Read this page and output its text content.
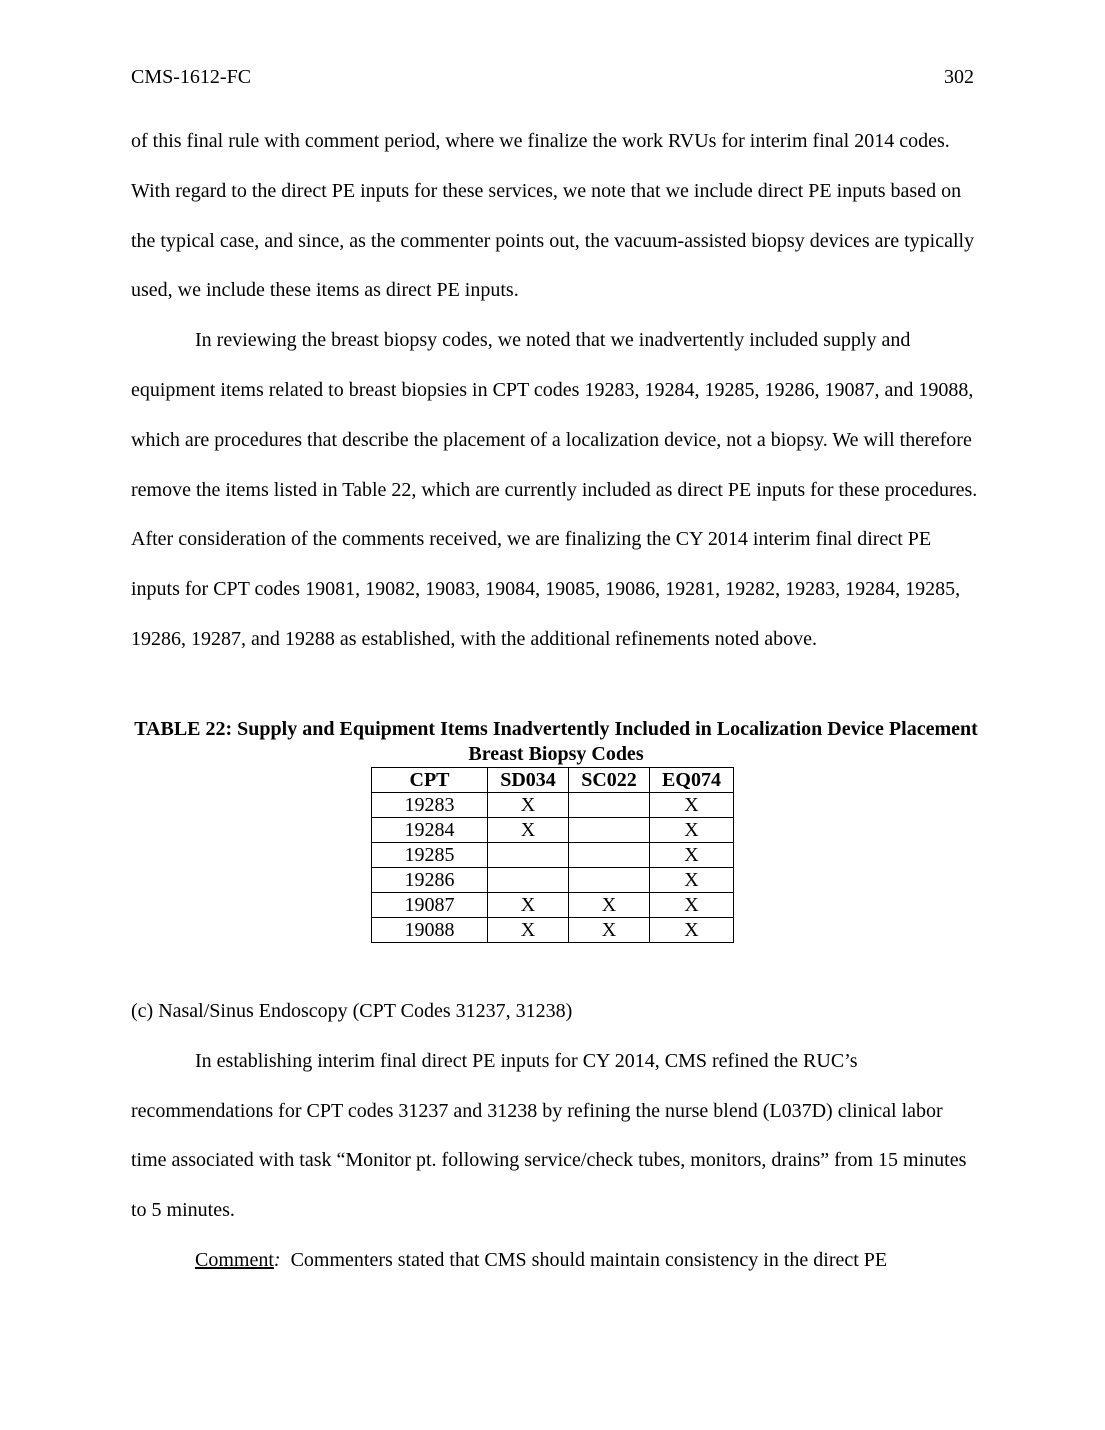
CMS-1612-FC	302

of this final rule with comment period, where we finalize the work RVUs for interim final 2014 codes. With regard to the direct PE inputs for these services, we note that we include direct PE inputs based on the typical case, and since, as the commenter points out, the vacuum-assisted biopsy devices are typically used, we include these items as direct PE inputs.

In reviewing the breast biopsy codes, we noted that we inadvertently included supply and equipment items related to breast biopsies in CPT codes 19283, 19284, 19285, 19286, 19087, and 19088, which are procedures that describe the placement of a localization device, not a biopsy. We will therefore remove the items listed in Table 22, which are currently included as direct PE inputs for these procedures. After consideration of the comments received, we are finalizing the CY 2014 interim final direct PE inputs for CPT codes 19081, 19082, 19083, 19084, 19085, 19086, 19281, 19282, 19283, 19284, 19285, 19286, 19287, and 19288 as established, with the additional refinements noted above.

TABLE 22: Supply and Equipment Items Inadvertently Included in Localization Device Placement Breast Biopsy Codes
CPT	SD034	SC022	EQ074
19283	X		X
19284	X		X
19285			X
19286			X
19087	X	X	X
19088	X	X	X

(c) Nasal/Sinus Endoscopy (CPT Codes 31237, 31238)

In establishing interim final direct PE inputs for CY 2014, CMS refined the RUC’s recommendations for CPT codes 31237 and 31238 by refining the nurse blend (L037D) clinical labor time associated with task “Monitor pt. following service/check tubes, monitors, drains” from 15 minutes to 5 minutes.

Comment:  Commenters stated that CMS should maintain consistency in the direct PE
